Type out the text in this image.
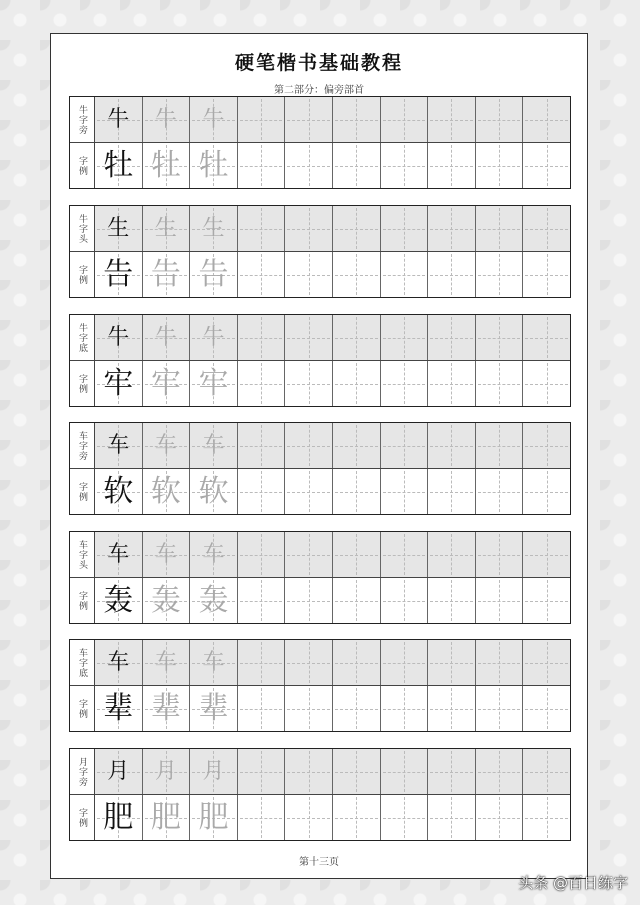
硬笔楷书基础教程
第二部分：偏旁部首
牛字旁
字例
牛 牛 牛
牡 牡 牡
牛字头
字例
生 生 生
告 告 告
牛字底
字例
牛 牛 牛
牢 牢 牢
车字旁
字例
车 车 车
软 软 软
车字头
字例
车 车 车
轰 轰 轰
车字底
字例
车 车 车
辈 辈 辈
月字旁
字例
月 月 月
肥 肥 肥
第十三页
头条 @百日练字
